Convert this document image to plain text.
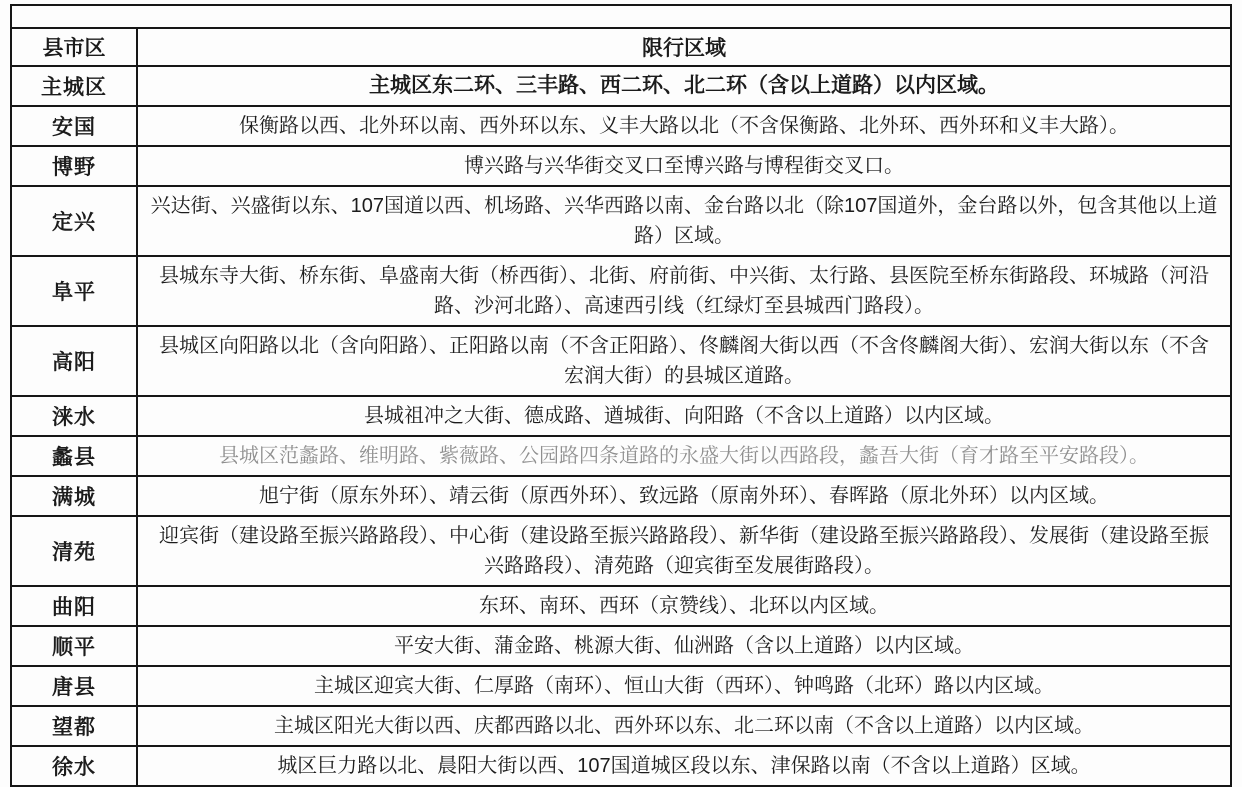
县市区	限行区域
主城区	主城区东二环、三丰路、西二环、北二环（含以上道路）以内区域。
安国	保衡路以西、北外环以南、西外环以东、义丰大路以北（不含保衡路、北外环、西外环和义丰大路）。
博野	博兴路与兴华街交叉口至博兴路与博程街交叉口。
定兴	兴达街、兴盛街以东、107国道以西、机场路、兴华西路以南、金台路以北（除107国道外，金台路以外，包含其他以上道路）区域。
阜平	县城东寺大街、桥东街、阜盛南大街（桥西街）、北街、府前街、中兴街、太行路、县医院至桥东街路段、环城路（河沿路、沙河北路）、高速西引线（红绿灯至县城西门路段）。
高阳	县城区向阳路以北（含向阳路）、正阳路以南（不含正阳路）、佟麟阁大街以西（不含佟麟阁大街）、宏润大街以东（不含宏润大街）的县城区道路。
涞水	县城祖冲之大街、德成路、遒城街、向阳路（不含以上道路）以内区域。
蠡县	县城区范蠡路、维明路、紫薇路、公园路四条道路的永盛大街以西路段，蠡吾大街（育才路至平安路段）。
满城	旭宁街（原东外环）、靖云街（原西外环）、致远路（原南外环）、春晖路（原北外环）以内区域。
清苑	迎宾街（建设路至振兴路路段）、中心街（建设路至振兴路路段）、新华街（建设路至振兴路路段）、发展街（建设路至振兴路路段）、清苑路（迎宾街至发展街路段）。
曲阳	东环、南环、西环（京赞线）、北环以内区域。
顺平	平安大街、蒲金路、桃源大街、仙洲路（含以上道路）以内区域。
唐县	主城区迎宾大街、仁厚路（南环）、恒山大街（西环）、钟鸣路（北环）路以内区域。
望都	主城区阳光大街以西、庆都西路以北、西外环以东、北二环以南（不含以上道路）以内区域。
徐水	城区巨力路以北、晨阳大街以西、107国道城区段以东、津保路以南（不含以上道路）区域。
